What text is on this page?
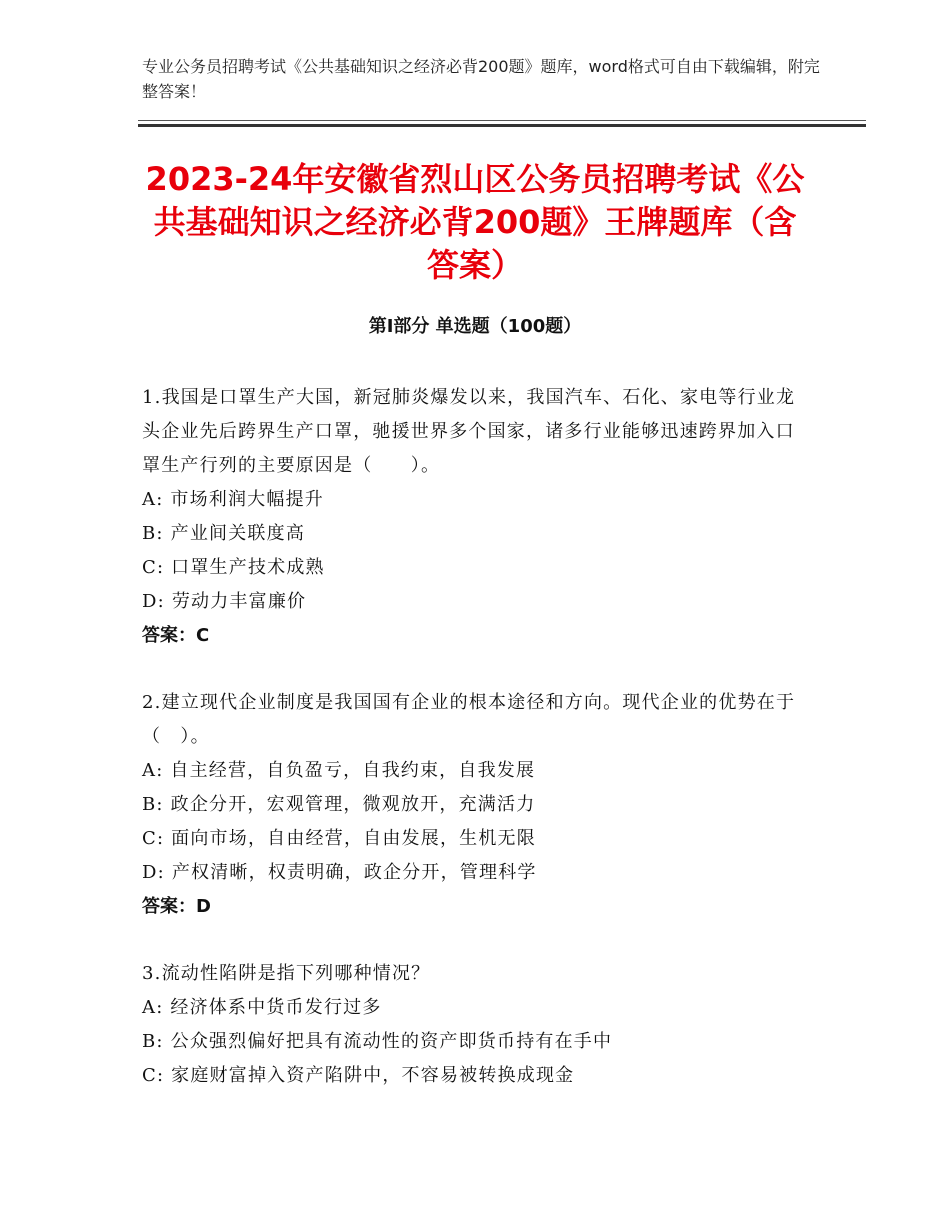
专业公务员招聘考试《公共基础知识之经济必背200题》题库，word格式可自由下载编辑，附完整答案！
2023-24年安徽省烈山区公务员招聘考试《公共基础知识之经济必背200题》王牌题库（含答案）
第I部分 单选题（100题）
1.我国是口罩生产大国，新冠肺炎爆发以来，我国汽车、石化、家电等行业龙头企业先后跨界生产口罩，驰援世界多个国家，诸多行业能够迅速跨界加入口罩生产行列的主要原因是（　　）。
A: 市场利润大幅提升
B: 产业间关联度高
C: 口罩生产技术成熟
D: 劳动力丰富廉价
答案：C
2.建立现代企业制度是我国国有企业的根本途径和方向。现代企业的优势在于（　）。
A: 自主经营，自负盈亏，自我约束，自我发展
B: 政企分开，宏观管理，微观放开，充满活力
C: 面向市场，自由经营，自由发展，生机无限
D: 产权清晰，权责明确，政企分开，管理科学
答案：D
3.流动性陷阱是指下列哪种情况？
A: 经济体系中货币发行过多
B: 公众强烈偏好把具有流动性的资产即货币持有在手中
C: 家庭财富掉入资产陷阱中，不容易被转换成现金
